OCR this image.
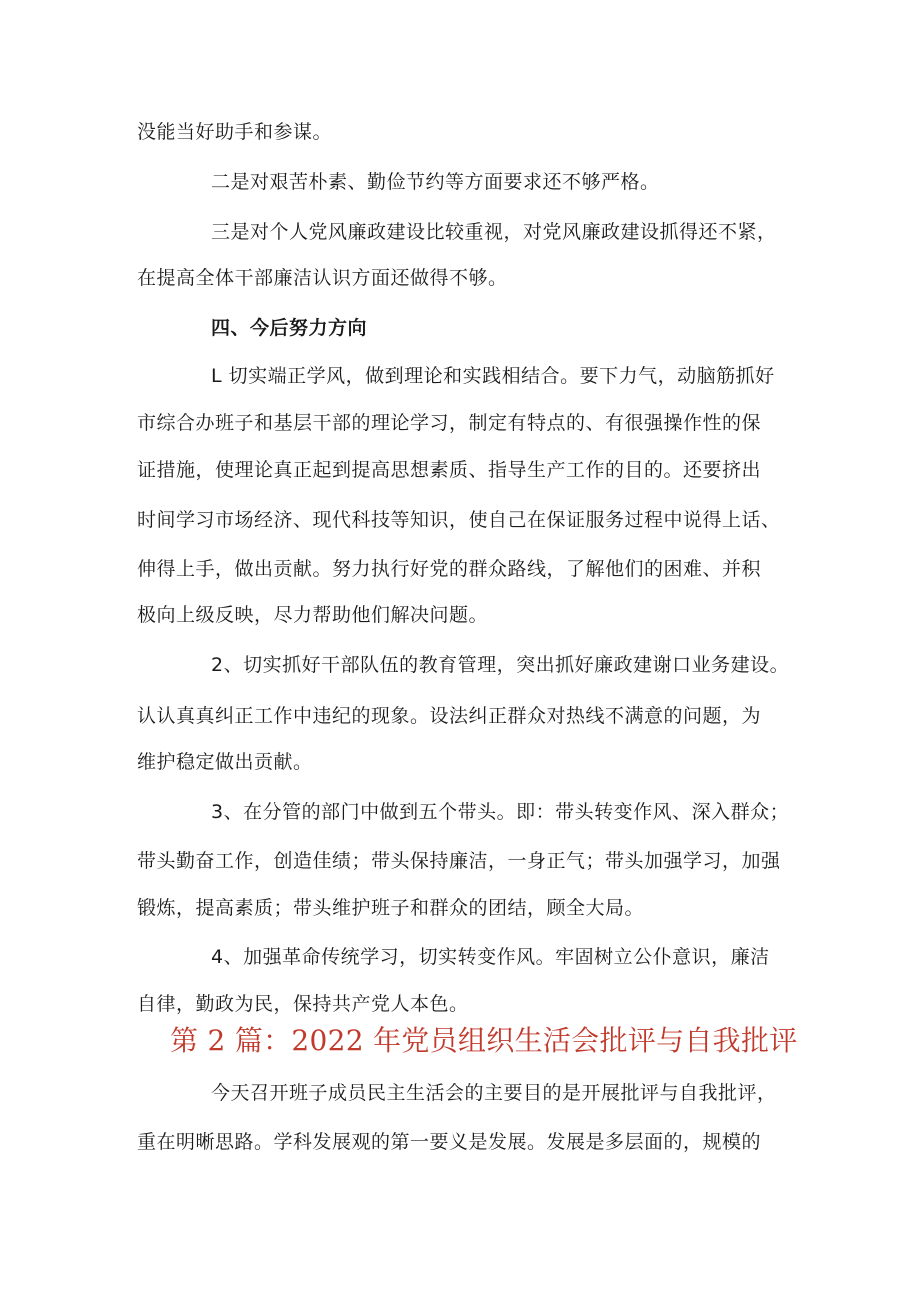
没能当好助手和参谋。
二是对艰苦朴素、勤俭节约等方面要求还不够严格。
三是对个人党风廉政建设比较重视，对党风廉政建设抓得还不紧，
在提高全体干部廉洁认识方面还做得不够。
四、今后努力方向
L 切实端正学风，做到理论和实践相结合。要下力气，动脑筋抓好
市综合办班子和基层干部的理论学习，制定有特点的、有很强操作性的保
证措施，使理论真正起到提高思想素质、指导生产工作的目的。还要挤出
时间学习市场经济、现代科技等知识，使自己在保证服务过程中说得上话、
伸得上手，做出贡献。努力执行好党的群众路线，了解他们的困难、并积
极向上级反映，尽力帮助他们解决问题。
2、切实抓好干部队伍的教育管理，突出抓好廉政建谢口业务建设。
认认真真纠正工作中违纪的现象。设法纠正群众对热线不满意的问题，为
维护稳定做出贡献。
3、在分管的部门中做到五个带头。即：带头转变作风、深入群众；
带头勤奋工作，创造佳绩；带头保持廉洁，一身正气；带头加强学习，加强
锻炼，提高素质；带头维护班子和群众的团结，顾全大局。
4、加强革命传统学习，切实转变作风。牢固树立公仆意识，廉洁
自律，勤政为民，保持共产党人本色。
第 2 篇：2022 年党员组织生活会批评与自我批评
今天召开班子成员民主生活会的主要目的是开展批评与自我批评，
重在明晰思路。学科发展观的第一要义是发展。发展是多层面的，规模的
